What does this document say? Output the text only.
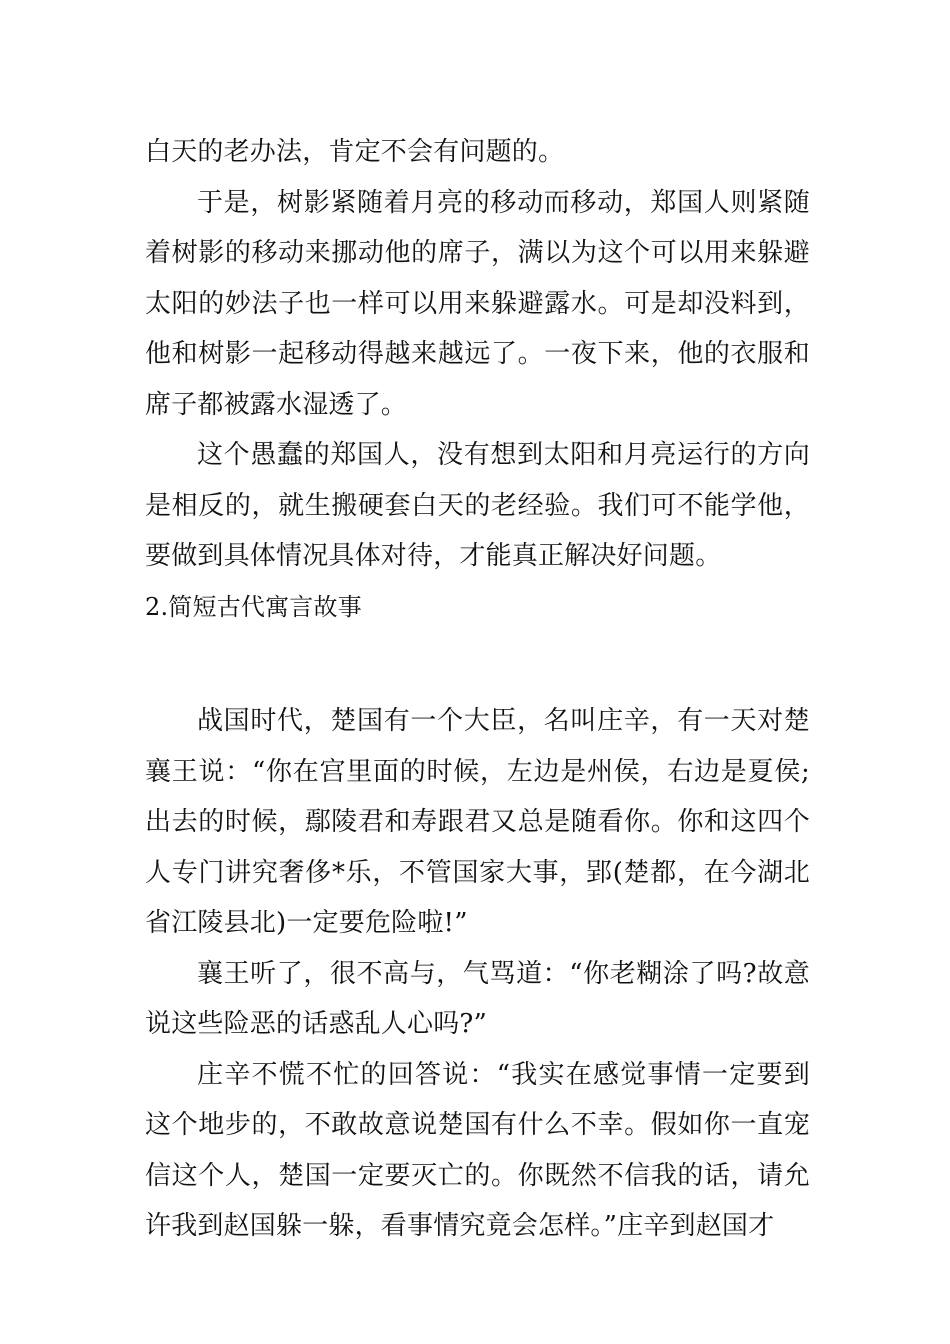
白天的老办法，肯定不会有问题的。

于是，树影紧随着月亮的移动而移动，郑国人则紧随着树影的移动来挪动他的席子，满以为这个可以用来躲避太阳的妙法子也一样可以用来躲避露水。可是却没料到，他和树影一起移动得越来越远了。一夜下来，他的衣服和席子都被露水湿透了。

这个愚蠢的郑国人，没有想到太阳和月亮运行的方向是相反的，就生搬硬套白天的老经验。我们可不能学他，要做到具体情况具体对待，才能真正解决好问题。

2.简短古代寓言故事

战国时代，楚国有一个大臣，名叫庄辛，有一天对楚襄王说：“你在宫里面的时候，左边是州侯，右边是夏侯;出去的时候，鄢陵君和寿跟君又总是随看你。你和这四个人专门讲究奢侈*乐，不管国家大事，郢(楚都，在今湖北省江陵县北)一定要危险啦!”

襄王听了，很不高与，气骂道：“你老糊涂了吗?故意说这些险恶的话惑乱人心吗?”

庄辛不慌不忙的回答说：“我实在感觉事情一定要到这个地步的，不敢故意说楚国有什么不幸。假如你一直宠信这个人，楚国一定要灭亡的。你既然不信我的话，请允许我到赵国躲一躲，看事情究竟会怎样。”庄辛到赵国才
